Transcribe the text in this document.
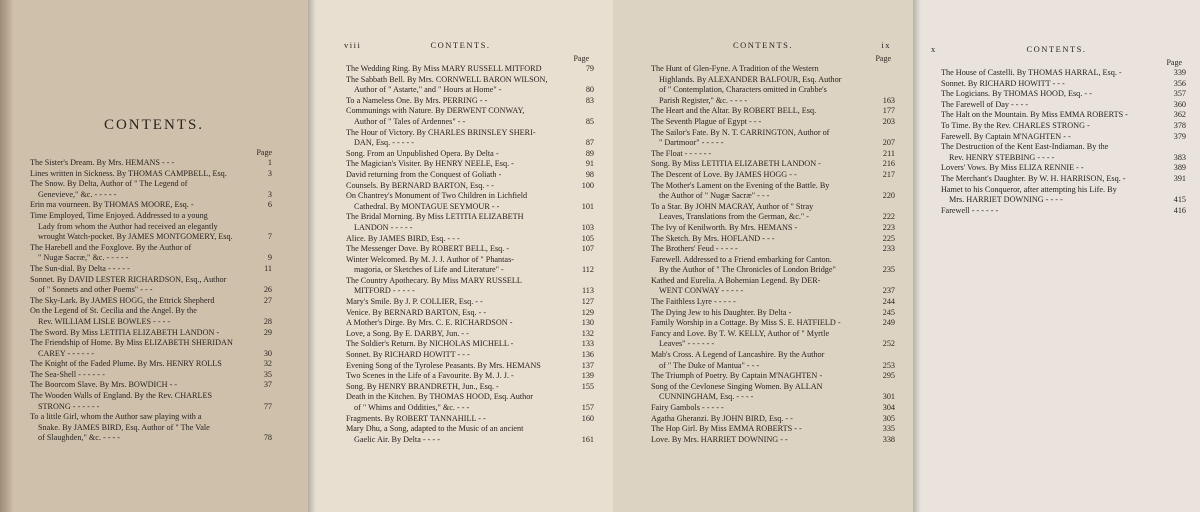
CONTENTS.
Page
The Sister's Dream. By Mrs. HEMANS - - -	1
Lines written in Sickness. By THOMAS CAMPBELL, Esq.	3
The Snow. By Delta, Author of " The Legend of
Genevieve," &c. - - - - -	3
Erin ma vourneen. By THOMAS MOORE, Esq. -	6
Time Employed, Time Enjoyed. Addressed to a young
Lady from whom the Author had received an elegantly
wrought Watch-pocket. By JAMES MONTGOMERY, Esq.	7
The Harebell and the Foxglove. By the Author of
" Nugæ Sacræ," &c. - - - - -	9
The Sun-dial. By Delta - - - - -	11
Sonnet. By DAVID LESTER RICHARDSON, Esq., Author
of " Sonnets and other Poems" - - -	26
The Sky-Lark. By JAMES HOGG, the Ettrick Shepherd	27
On the Legend of St. Cecilia and the Angel. By the
Rev. WILLIAM LISLE BOWLES - - - -	28
The Sword. By Miss LETITIA ELIZABETH LANDON -	29
The Friendship of Home. By Miss ELIZABETH SHERIDAN
CAREY - - - - - -	30
The Knight of the Faded Plume. By Mrs. HENRY ROLLS	32
The Sea-Shell - - - - - -	35
The Boorcom Slave. By Mrs. BOWDICH - -	37
The Wooden Walls of England. By the Rev. CHARLES
STRONG - - - - - -	77
To a little Girl, whom the Author saw playing with a
Snake. By JAMES BIRD, Esq. Author of " The Vale
of Slaughden," &c. - - - -	78
viii	CONTENTS.
Page
The Wedding Ring. By Miss MARY RUSSELL MITFORD	79
The Sabbath Bell. By Mrs. CORNWELL BARON WILSON,
Author of " Astarte," and " Hours at Home" -	80
To a Nameless One. By Mrs. PERRING - -	83
Communings with Nature. By DERWENT CONWAY,
Author of " Tales of Ardennes" - -	85
The Hour of Victory. By CHARLES BRINSLEY SHERI-
DAN, Esq. - - - - -	87
Song. From an Unpublished Opera. By Delta -	89
The Magician's Visiter. By HENRY NEELE, Esq. -	91
David returning from the Conquest of Goliath -	98
Counsels. By BERNARD BARTON, Esq. - -	100
On Chantrey's Monument of Two Children in Lichfield
Cathedral. By MONTAGUE SEYMOUR - -	101
The Bridal Morning. By Miss LETITIA ELIZABETH
LANDON - - - - -	103
Alice. By JAMES BIRD, Esq. - - -	105
The Messenger Dove. By ROBERT BELL, Esq. -	107
Winter Welcomed. By M. J. J. Author of " Phantas-
magoria, or Sketches of Life and Literature" -	112
The Country Apothecary. By Miss MARY RUSSELL
MITFORD - - - - -	113
Mary's Smile. By J. P. COLLIER, Esq. - -	127
Venice. By BERNARD BARTON, Esq. - -	129
A Mother's Dirge. By Mrs. C. E. RICHARDSON -	130
Love, a Song. By E. DARBY, Jun. - -	132
The Soldier's Return. By NICHOLAS MICHELL -	133
Sonnet. By RICHARD HOWITT - - -	136
Evening Song of the Tyrolese Peasants. By Mrs. HEMANS	137
Two Scenes in the Life of a Favourite. By M. J. J. -	139
Song. By HENRY BRANDRETH, Jun., Esq. -	155
Death in the Kitchen. By THOMAS HOOD, Esq. Author
of " Whims and Oddities," &c. - - -	157
Fragments. By ROBERT TANNAHILL - -	160
Mary Dhu, a Song, adapted to the Music of an ancient
Gaelic Air. By Delta - - - -	161
CONTENTS.	ix
Page
The Hunt of Glen-Fyne. A Tradition of the Western
Highlands. By ALEXANDER BALFOUR, Esq. Author
of " Contemplation, Characters omitted in Crabbe's
Parish Register," &c. - - - -	163
The Heart and the Altar. By ROBERT BELL, Esq.	177
The Seventh Plague of Egypt - - -	203
The Sailor's Fate. By N. T. CARRINGTON, Author of
" Dartmoor" - - - - -	207
The Float - - - - - -	211
Song. By Miss LETITIA ELIZABETH LANDON -	216
The Descent of Love. By JAMES HOGG - -	217
The Mother's Lament on the Evening of the Battle. By
the Author of " Nugæ Sacræ" - - -	220
To a Star. By JOHN MACRAY, Author of " Stray
Leaves, Translations from the German, &c." -	222
The Ivy of Kenilworth. By Mrs. HEMANS -	223
The Sketch. By Mrs. HOFLAND - - -	225
The Brothers' Feud - - - - -	233
Farewell. Addressed to a Friend embarking for Canton.
By the Author of " The Chronicles of London Bridge"	235
Kathed and Eurelia. A Bohemian Legend. By DER-
WENT CONWAY - - - - -	237
The Faithless Lyre - - - - -	244
The Dying Jew to his Daughter. By Delta -	245
Family Worship in a Cottage. By Miss S. E. HATFIELD -	249
Fancy and Love. By T. W. KELLY, Author of " Myrtle
Leaves" - - - - - -	252
Mab's Cross. A Legend of Lancashire. By the Author
of " The Duke of Mantua" - - -	253
The Triumph of Poetry. By Captain M'NAGHTEN -	295
Song of the Cevlonese Singing Women. By ALLAN
CUNNINGHAM, Esq. - - - -	301
Fairy Gambols - - - - -	304
Agatha Gheranzi. By JOHN BIRD, Esq. - -	305
The Hop Girl. By Miss EMMA ROBERTS - -	335
Love. By Mrs. HARRIET DOWNING - -	338
x	CONTENTS.
Page
The House of Castelli. By THOMAS HARRAL, Esq. -	339
Sonnet. By RICHARD HOWITT - - -	356
The Logicians. By THOMAS HOOD, Esq. - -	357
The Farewell of Day - - - -	360
The Halt on the Mountain. By Miss EMMA ROBERTS -	362
To Time. By the Rev. CHARLES STRONG -	378
Farewell. By Captain M'NAGHTEN - -	379
The Destruction of the Kent East-Indiaman. By the
Rev. HENRY STEBBING - - - -	383
Lovers' Vows. By Miss ELIZA RENNIE - -	389
The Merchant's Daughter. By W. H. HARRISON, Esq. -	391
Hamet to his Conqueror, after attempting his Life. By
Mrs. HARRIET DOWNING - - - -	415
Farewell - - - - - -	416
